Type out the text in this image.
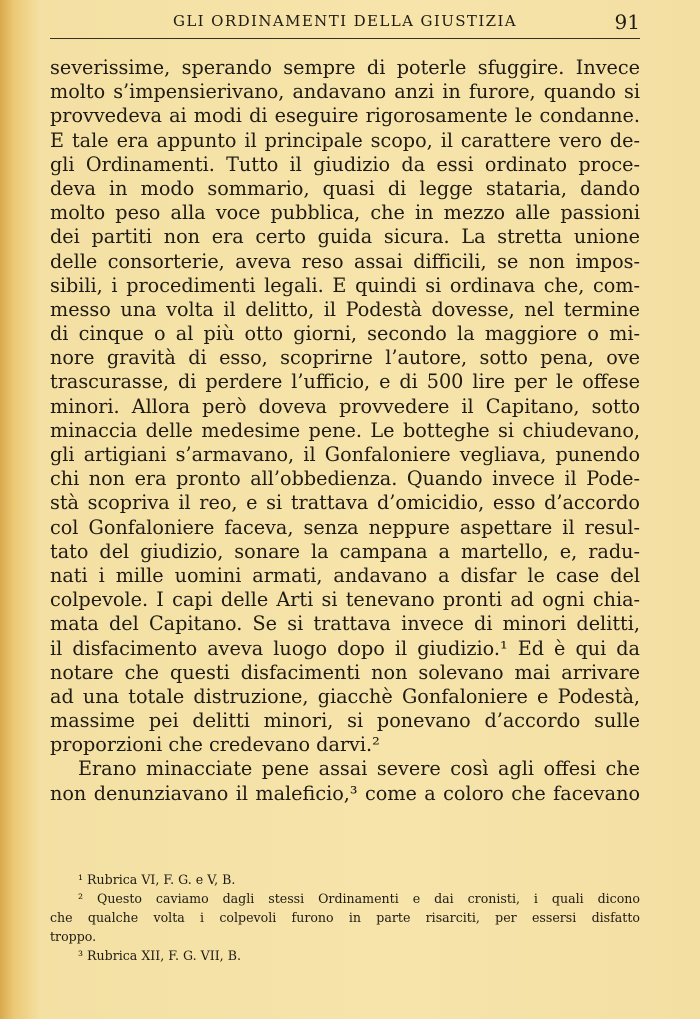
GLI ORDINAMENTI DELLA GIUSTIZIA	91
severissime, sperando sempre di poterle sfuggire. Invece
molto s’impensierivano, andavano anzi in furore, quando si
provvedeva ai modi di eseguire rigorosamente le condanne.
E tale era appunto il principale scopo, il carattere vero de-
gli Ordinamenti. Tutto il giudizio da essi ordinato proce-
deva in modo sommario, quasi di legge stataria, dando
molto peso alla voce pubblica, che in mezzo alle passioni
dei partiti non era certo guida sicura. La stretta unione
delle consorterie, aveva reso assai difficili, se non impos-
sibili, i procedimenti legali. E quindi si ordinava che, com-
messo una volta il delitto, il Podestà dovesse, nel termine
di cinque o al più otto giorni, secondo la maggiore o mi-
nore gravità di esso, scoprirne l’autore, sotto pena, ove
trascurasse, di perdere l’ufficio, e di 500 lire per le offese
minori. Allora però doveva provvedere il Capitano, sotto
minaccia delle medesime pene. Le botteghe si chiudevano,
gli artigiani s’armavano, il Gonfaloniere vegliava, punendo
chi non era pronto all’obbedienza. Quando invece il Pode-
stà scopriva il reo, e si trattava d’omicidio, esso d’accordo
col Gonfaloniere faceva, senza neppure aspettare il resul-
tato del giudizio, sonare la campana a martello, e, radu-
nati i mille uomini armati, andavano a disfar le case del
colpevole. I capi delle Arti si tenevano pronti ad ogni chia-
mata del Capitano. Se si trattava invece di minori delitti,
il disfacimento aveva luogo dopo il giudizio.¹ Ed è qui da
notare che questi disfacimenti non solevano mai arrivare
ad una totale distruzione, giacchè Gonfaloniere e Podestà,
massime pei delitti minori, si ponevano d’accordo sulle
proporzioni che credevano darvi.²
Erano minacciate pene assai severe così agli offesi che
non denunziavano il maleficio,³ come a coloro che facevano
¹ Rubrica VI, F. G. e V, B.
² Questo caviamo dagli stessi Ordinamenti e dai cronisti, i quali dicono
che qualche volta i colpevoli furono in parte risarciti, per essersi disfatto
troppo.
³ Rubrica XII, F. G. VII, B.
